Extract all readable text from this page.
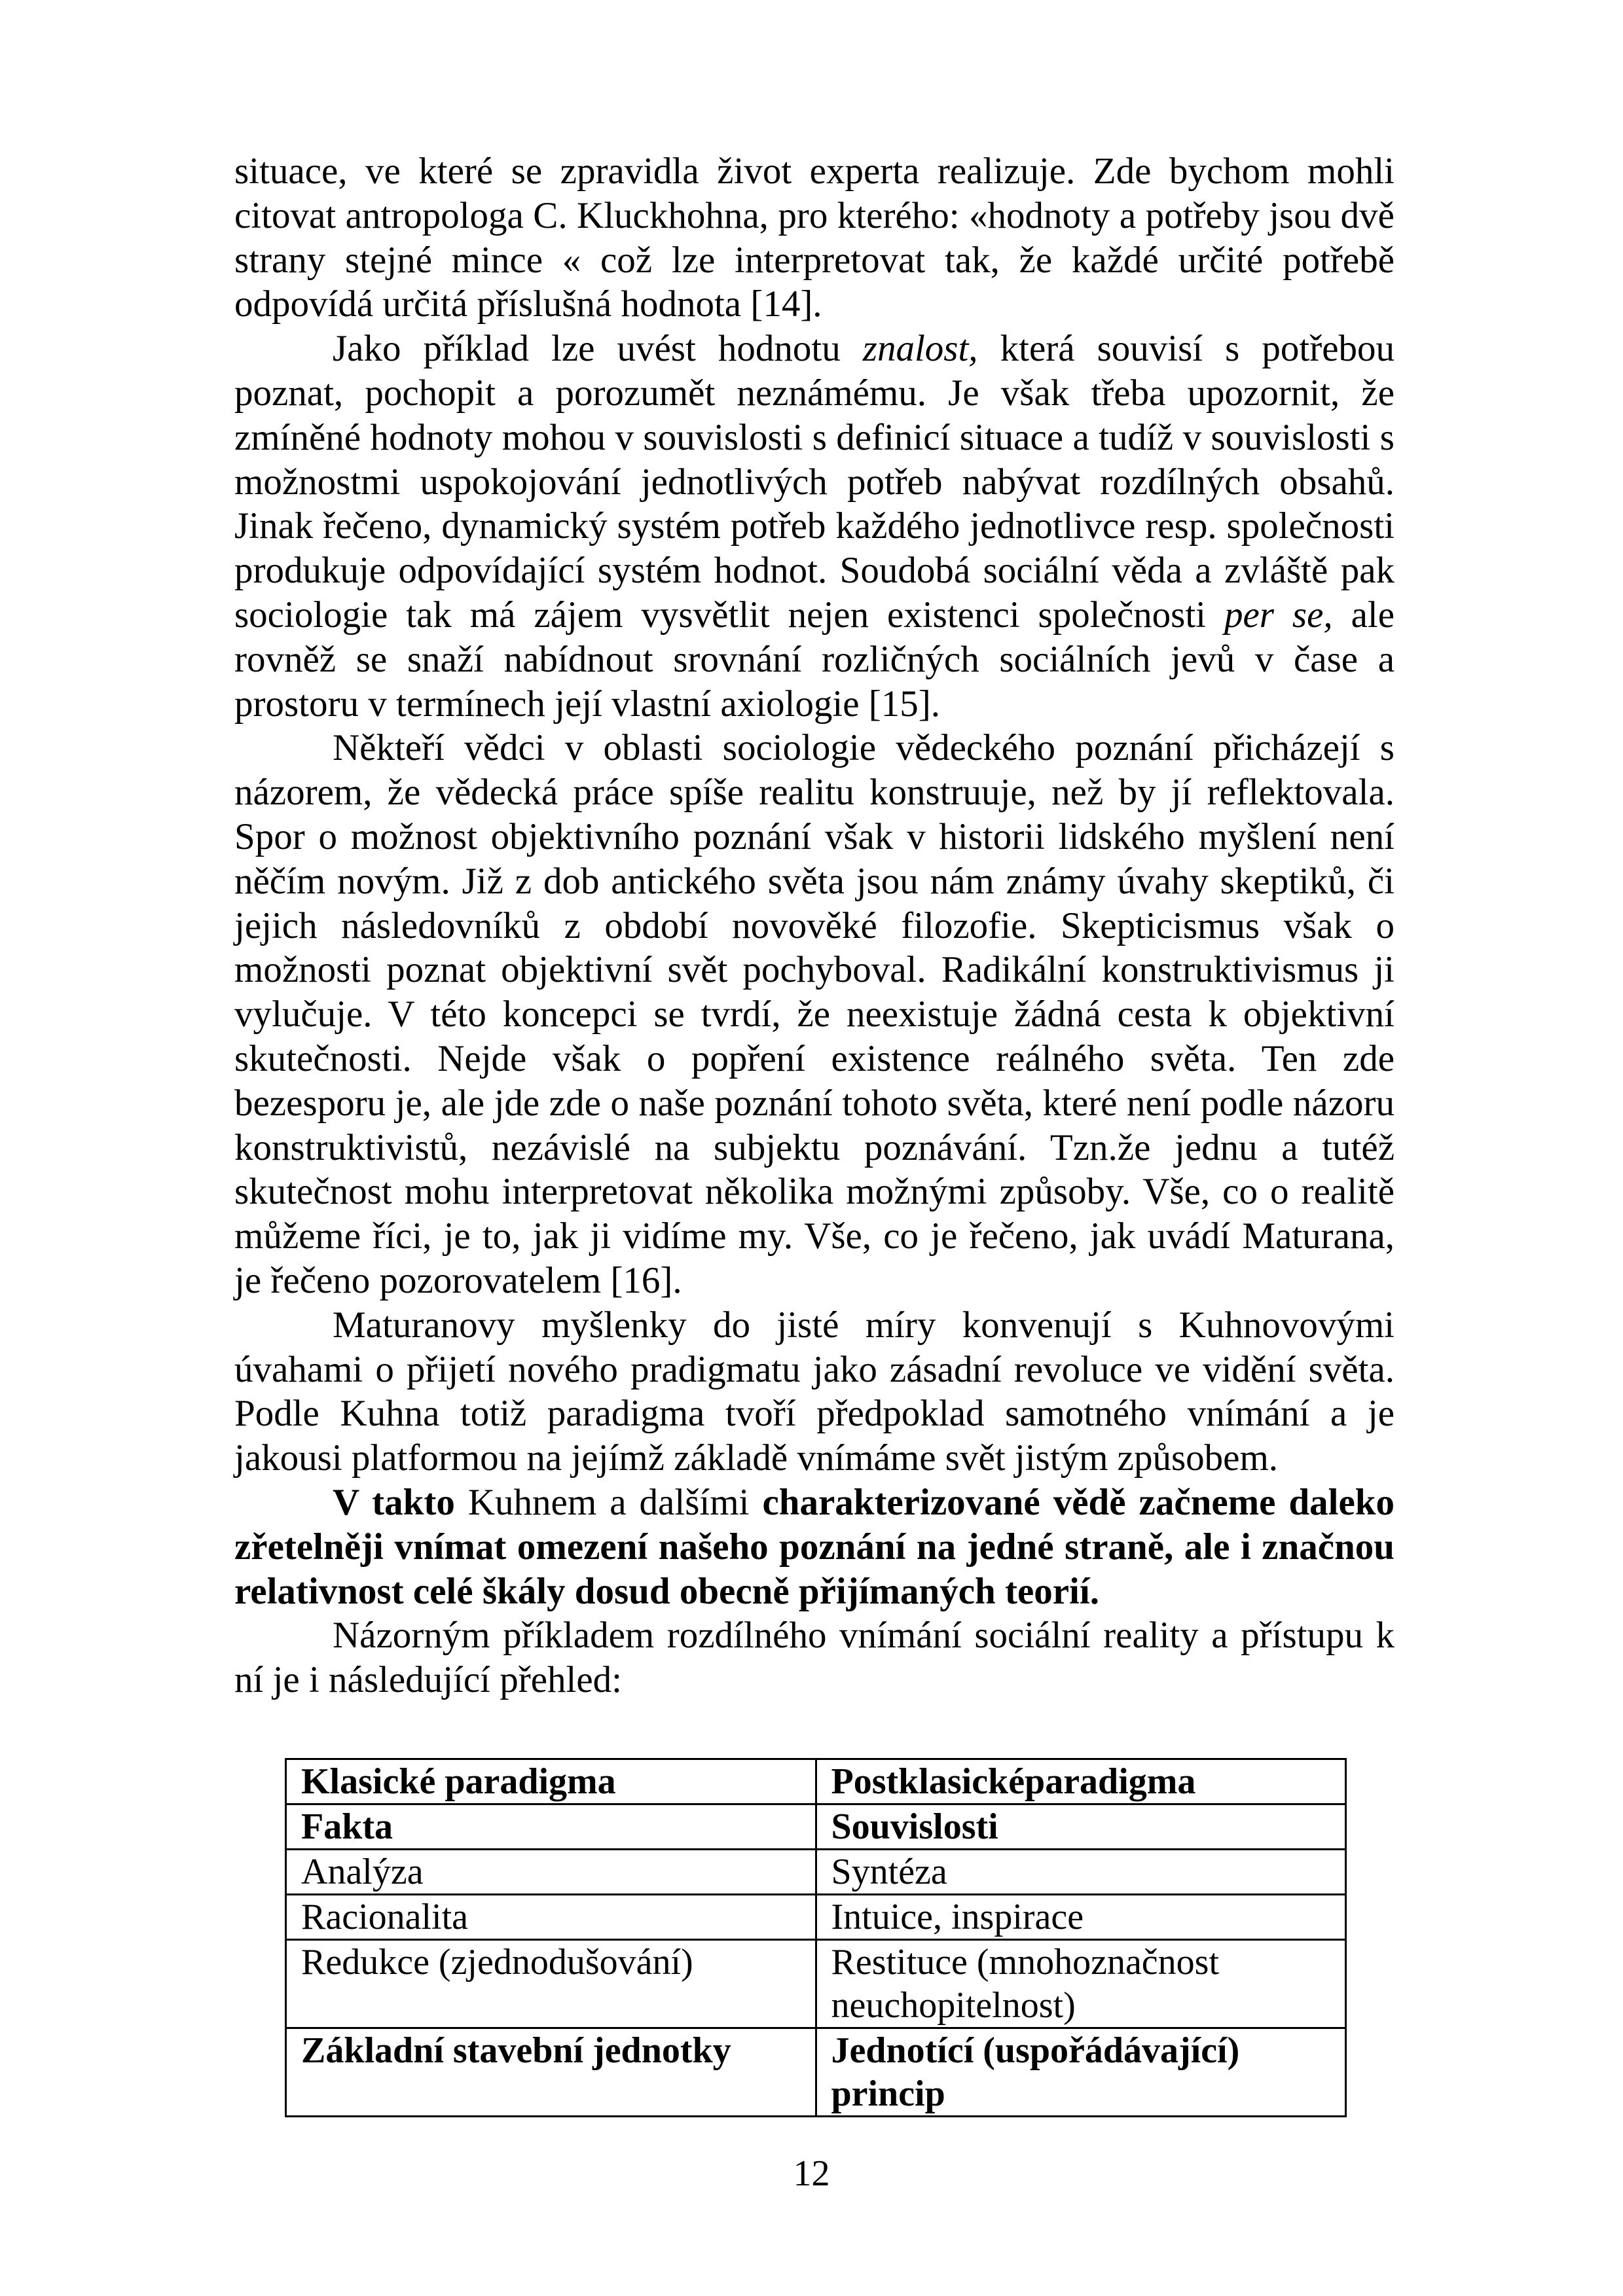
situace, ve které se zpravidla život experta realizuje. Zde bychom mohli citovat antropologa C. Kluckhohna, pro kterého: «hodnoty a potřeby jsou dvě strany stejné mince « což lze interpretovat tak, že každé určité potřebě odpovídá určitá příslušná hodnota [14].

Jako příklad lze uvést hodnotu znalost, která souvisí s potřebou poznat, pochopit a porozumět neznámému. Je však třeba upozornit, že zmíněné hodnoty mohou v souvislosti s definicí situace a tudíž v souvislosti s možnostmi uspokojování jednotlivých potřeb nabývat rozdílných obsahů. Jinak řečeno, dynamický systém potřeb každého jednotlivce resp. společnosti produkuje odpovídající systém hodnot. Soudobá sociální věda a zvláště pak sociologie tak má zájem vysvětlit nejen existenci společnosti per se, ale rovněž se snaží nabídnout srovnání rozličných sociálních jevů v čase a prostoru v termínech její vlastní axiologie [15].

Někteří vědci v oblasti sociologie vědeckého poznání přicházejí s názorem, že vědecká práce spíše realitu konstruuje, než by jí reflektovala. Spor o možnost objektivního poznání však v historii lidského myšlení není něčím novým. Již z dob antického světa jsou nám známy úvahy skeptiků, či jejich následovníků z období novověké filozofie. Skepticismus však o možnosti poznat objektivní svět pochyboval. Radikální konstruktivismus ji vylučuje. V této koncepci se tvrdí, že neexistuje žádná cesta k objektivní skutečnosti. Nejde však o popření existence reálného světa. Ten zde bezesporu je, ale jde zde o naše poznání tohoto světa, které není podle názoru konstruktivistů, nezávislé na subjektu poznávání. Tzn.že jednu a tutéž skutečnost mohu interpretovat několika možnými způsoby. Vše, co o realitě můžeme říci, je to, jak ji vidíme my. Vše, co je řečeno, jak uvádí Maturana, je řečeno pozorovatelem [16].

Maturanovy myšlenky do jisté míry konvenují s Kuhnovovými úvahami o přijetí nového pradigmatu jako zásadní revoluce ve vidění světa. Podle Kuhna totiž paradigma tvoří předpoklad samotného vnímání a je jakousi platformou na jejímž základě vnímáme svět jistým způsobem.

V takto Kuhnem a dalšími charakterizované vědě začneme daleko zřetelněji vnímat omezení našeho poznání na jedné straně, ale i značnou relativnost celé škály dosud obecně přijímaných teorií.

Názorným příkladem rozdílného vnímání sociální reality a přístupu k ní je i následující přehled:

Klasické paradigma	Postklasicképaradigma
Fakta	Souvislosti
Analýza	Syntéza
Racionalita	Intuice, inspirace
Redukce (zjednodušování)	Restituce (mnohoznačnost neuchopitelnost)
Základní stavební jednotky	Jednotící (uspořádávající) princip
12
